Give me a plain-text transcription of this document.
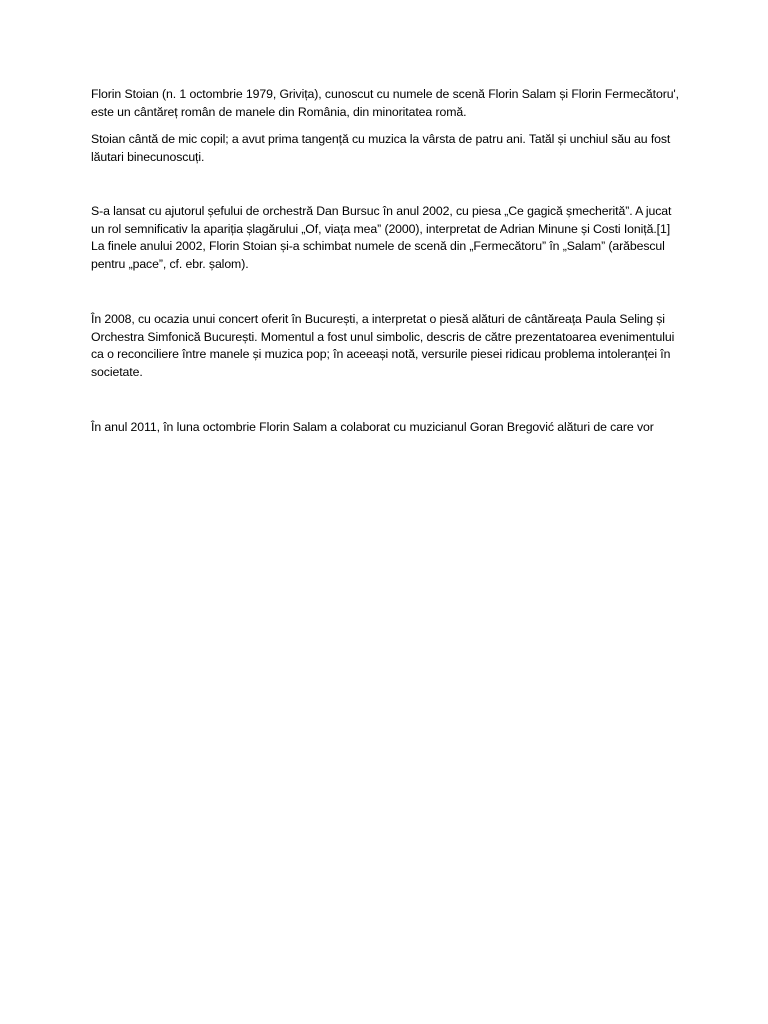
Florin Stoian (n. 1 octombrie 1979, Grivița), cunoscut cu numele de scenă Florin Salam și Florin Fermecătoru', este un cântăreț român de manele din România, din minoritatea romă.

Stoian cântă de mic copil; a avut prima tangență cu muzica la vârsta de patru ani. Tatăl și unchiul său au fost lăutari binecunoscuți.

S-a lansat cu ajutorul șefului de orchestră Dan Bursuc în anul 2002, cu piesa „Ce gagică șmecherită”. A jucat un rol semnificativ la apariția șlagărului „Of, viața mea” (2000), interpretat de Adrian Minune și Costi Ioniță.[1] La finele anului 2002, Florin Stoian și-a schimbat numele de scenă din „Fermecătoru” în „Salam” (arăbescul pentru „pace”, cf. ebr. șalom).

În 2008, cu ocazia unui concert oferit în București, a interpretat o piesă alături de cântăreața Paula Seling și Orchestra Simfonică București. Momentul a fost unul simbolic, descris de către prezentatoarea evenimentului ca o reconciliere între manele și muzica pop; în aceeași notă, versurile piesei ridicau problema intoleranței în societate.

În anul 2011, în luna octombrie Florin Salam a colaborat cu muzicianul Goran Bregović alături de care vor
